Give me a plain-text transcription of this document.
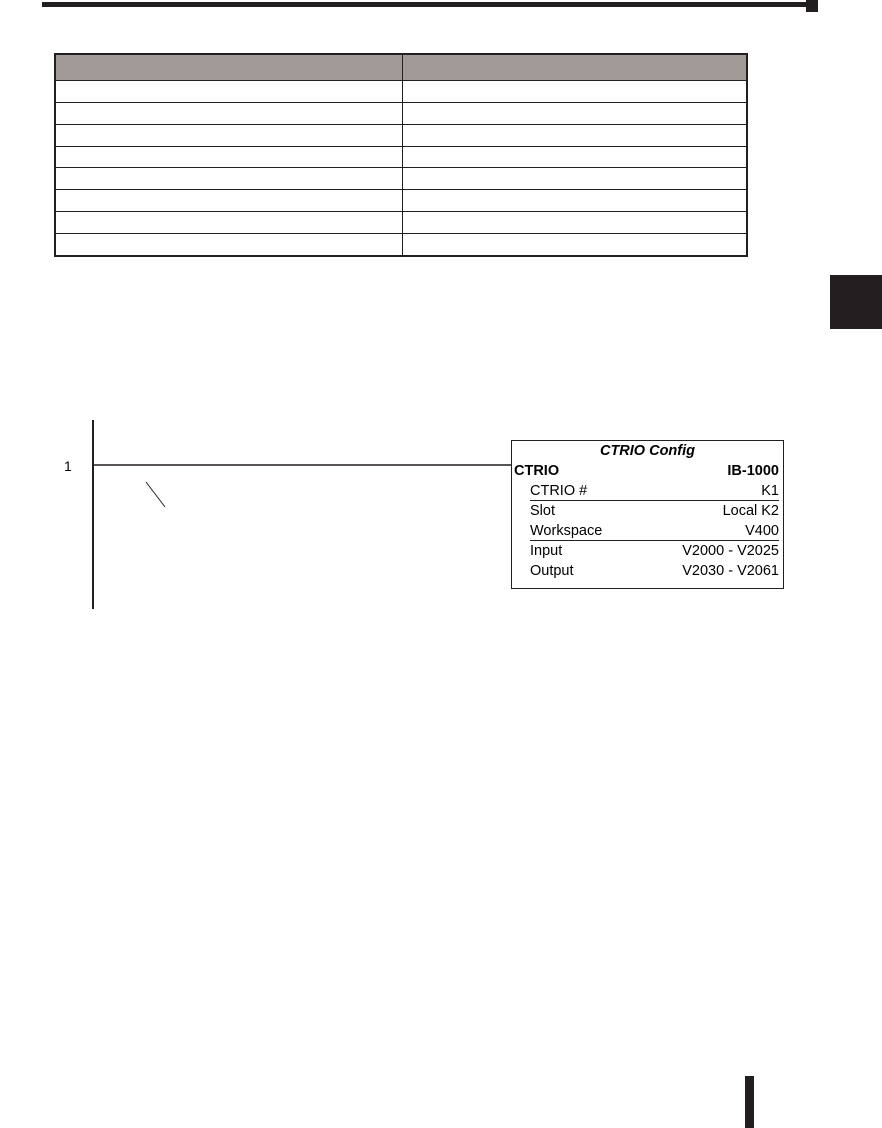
1
CTRIO Config
CTRIO	IB-1000
CTRIO #	K1
Slot	Local K2
Workspace	V400
Input	V2000 - V2025
Output	V2030 - V2061
